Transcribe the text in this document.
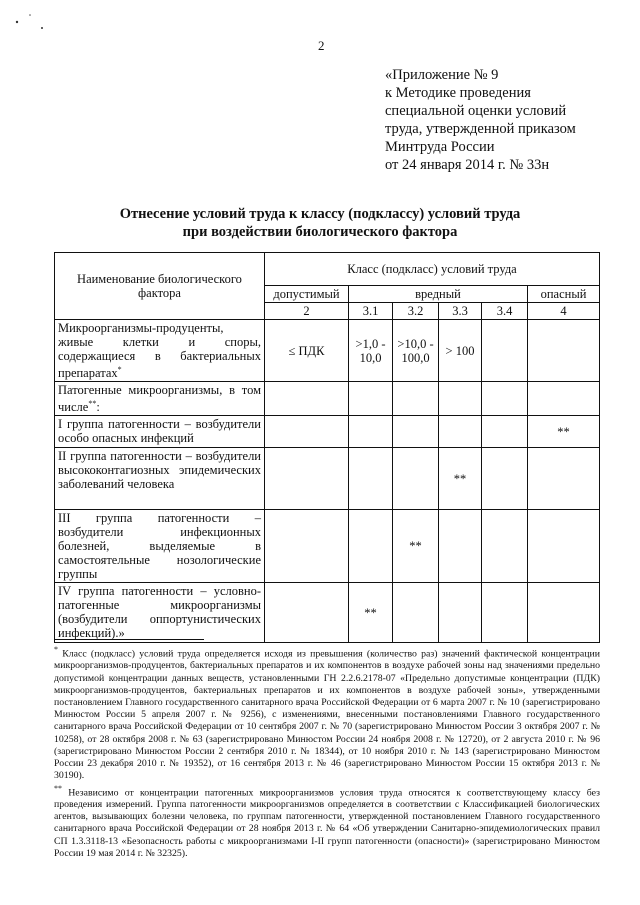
2
«Приложение № 9
к Методике проведения
специальной оценки условий
труда, утвержденной приказом
Минтруда России
от 24 января 2014 г. № 33н
Отнесение условий труда к классу (подклассу) условий труда
при воздействии биологического фактора
Наименование биологического фактора	Класс (подкласс) условий труда					
	допустимый	вредный				опасный
	2	3.1	3.2	3.3	3.4	4
Микроорганизмы-продуценты, живые клетки и споры, содержащиеся в бактериальных препаратах*	≤ ПДК	>1,0 - 10,0	>10,0 - 100,0	> 100		
Патогенные микроорганизмы, в том числе**:						
I группа патогенности – возбудители особо опасных инфекций						**
II группа патогенности – возбудители высококонтагиозных эпидемических заболеваний человека				**		
III группа патогенности – возбудители инфекционных болезней, выделяемые в самостоятельные нозологические группы			**			
IV группа патогенности – условно-патогенные микроорганизмы (возбудители оппортунистических инфекций).»		**				

* Класс (подкласс) условий труда определяется исходя из превышения (количество раз) значений фактической концентрации микроорганизмов-продуцентов, бактериальных препаратов и их компонентов в воздухе рабочей зоны над значениями предельно допустимой концентрации данных веществ, установленными ГН 2.2.6.2178-07 «Предельно допустимые концентрации (ПДК) микроорганизмов-продуцентов, бактериальных препаратов и их компонентов в воздухе рабочей зоны», утвержденными постановлением Главного государственного санитарного врача Российской Федерации от 6 марта 2007 г. № 10 (зарегистрировано Минюстом России 5 апреля 2007 г. № 9256), с изменениями, внесенными постановлениями Главного государственного санитарного врача Российской Федерации от 10 сентября 2007 г. № 70 (зарегистрировано Минюстом России 3 октября 2007 г. № 10258), от 28 октября 2008 г. № 63 (зарегистрировано Минюстом России 24 ноября 2008 г. № 12720), от 2 августа 2010 г. № 96 (зарегистрировано Минюстом России 2 сентября 2010 г. № 18344), от 10 ноября 2010 г. № 143 (зарегистрировано Минюстом России 23 декабря 2010 г. № 19352), от 16 сентября 2013 г. № 46 (зарегистрировано Минюстом России 15 октября 2013 г. № 30190).

** Независимо от концентрации патогенных микроорганизмов условия труда относятся к соответствующему классу без проведения измерений. Группа патогенности микроорганизмов определяется в соответствии с Классификацией биологических агентов, вызывающих болезни человека, по группам патогенности, утвержденной постановлением Главного государственного санитарного врача Российской Федерации от 28 ноября 2013 г. № 64 «Об утверждении Санитарно-эпидемиологических правил СП 1.3.3118-13 «Безопасность работы с микроорганизмами I-II групп патогенности (опасности)» (зарегистрировано Минюстом России 19 мая 2014 г. № 32325).
